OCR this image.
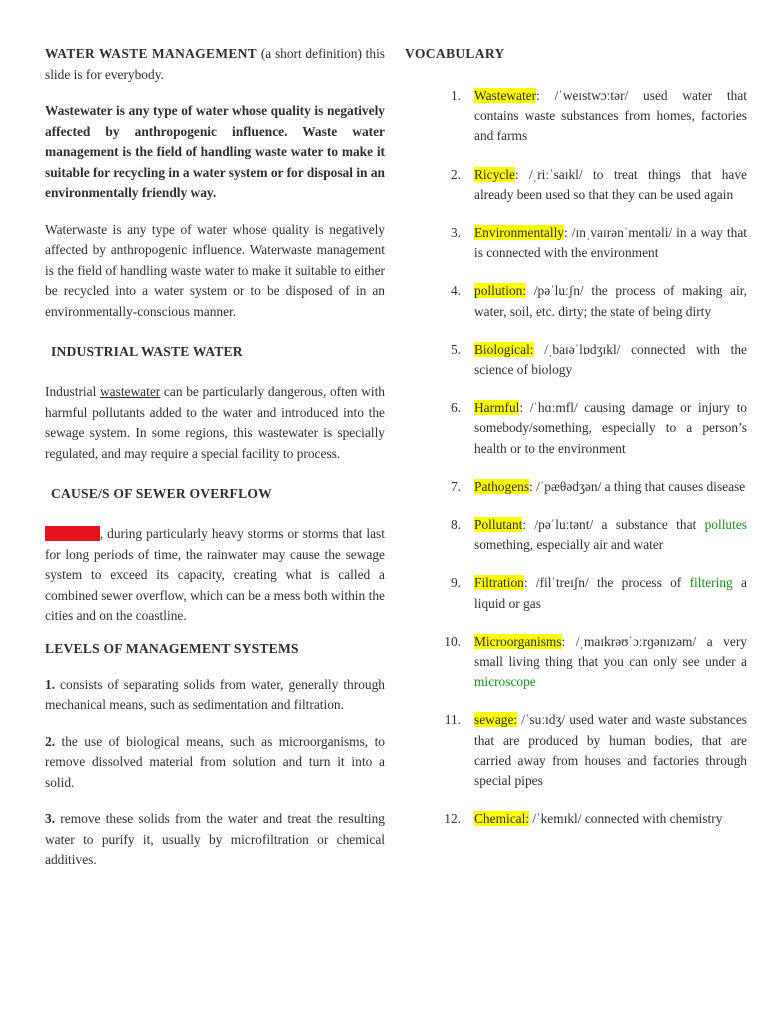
WATER WASTE MANAGEMENT (a short definition) this slide is for everybody.

Wastewater is any type of water whose quality is negatively affected by anthropogenic influence. Waste water management is the field of handling waste water to make it suitable for recycling in a water system or for disposal in an environmentally friendly way.

Waterwaste is any type of water whose quality is negatively affected by anthropogenic influence. Waterwaste management is the field of handling waste water to make it suitable to either be recycled into a water system or to be disposed of in an environmentally-conscious manner.

INDUSTRIAL WASTE WATER

Industrial wastewater can be particularly dangerous, often with harmful pollutants added to the water and introduced into the sewage system. In some regions, this wastewater is specially regulated, and may require a special facility to process.

CAUSE/S OF SEWER OVERFLOW

as a result, during particularly heavy storms or storms that last for long periods of time, the rainwater may cause the sewage system to exceed its capacity, creating what is called a combined sewer overflow, which can be a mess both within the cities and on the coastline.

LEVELS OF MANAGEMENT SYSTEMS

1. consists of separating solids from water, generally through mechanical means, such as sedimentation and filtration.

2. the use of biological means, such as microorganisms, to remove dissolved material from solution and turn it into a solid.

3. remove these solids from the water and treat the resulting water to purify it, usually by microfiltration or chemical additives.

VOCABULARY
1. Wastewater: /ˈweɪstwɔːtər/ used water that contains waste substances from homes, factories and farms
2. Ricycle: /ˌriːˈsaɪkl/ to treat things that have already been used so that they can be used again
3. Environmentally: /ɪnˌvaɪrənˈmentəli/ in a way that is connected with the environment
4. pollution: /pəˈluːʃn/ the process of making air, water, soil, etc. dirty; the state of being dirty
5. Biological: /ˌbaɪəˈlɒdʒɪkl/ connected with the science of biology
6. Harmful: /ˈhɑːmfl/ causing damage or injury to somebody/something, especially to a person’s health or to the environment
7. Pathogens: /ˈpæθədʒən/ a thing that causes disease
8. Pollutant: /pəˈluːtənt/ a substance that pollutes something, especially air and water
9. Filtration: /filˈtreɪʃn/ the process of filtering a liquid or gas
10. Microorganisms: /ˌmaɪkrəʊˈɔːrɡənɪzəm/ a very small living thing that you can only see under a microscope
11. sewage: /ˈsuːɪdʒ/ used water and waste substances that are produced by human bodies, that are carried away from houses and factories through special pipes
12. Chemical: /ˈkemɪkl/ connected with chemistry
